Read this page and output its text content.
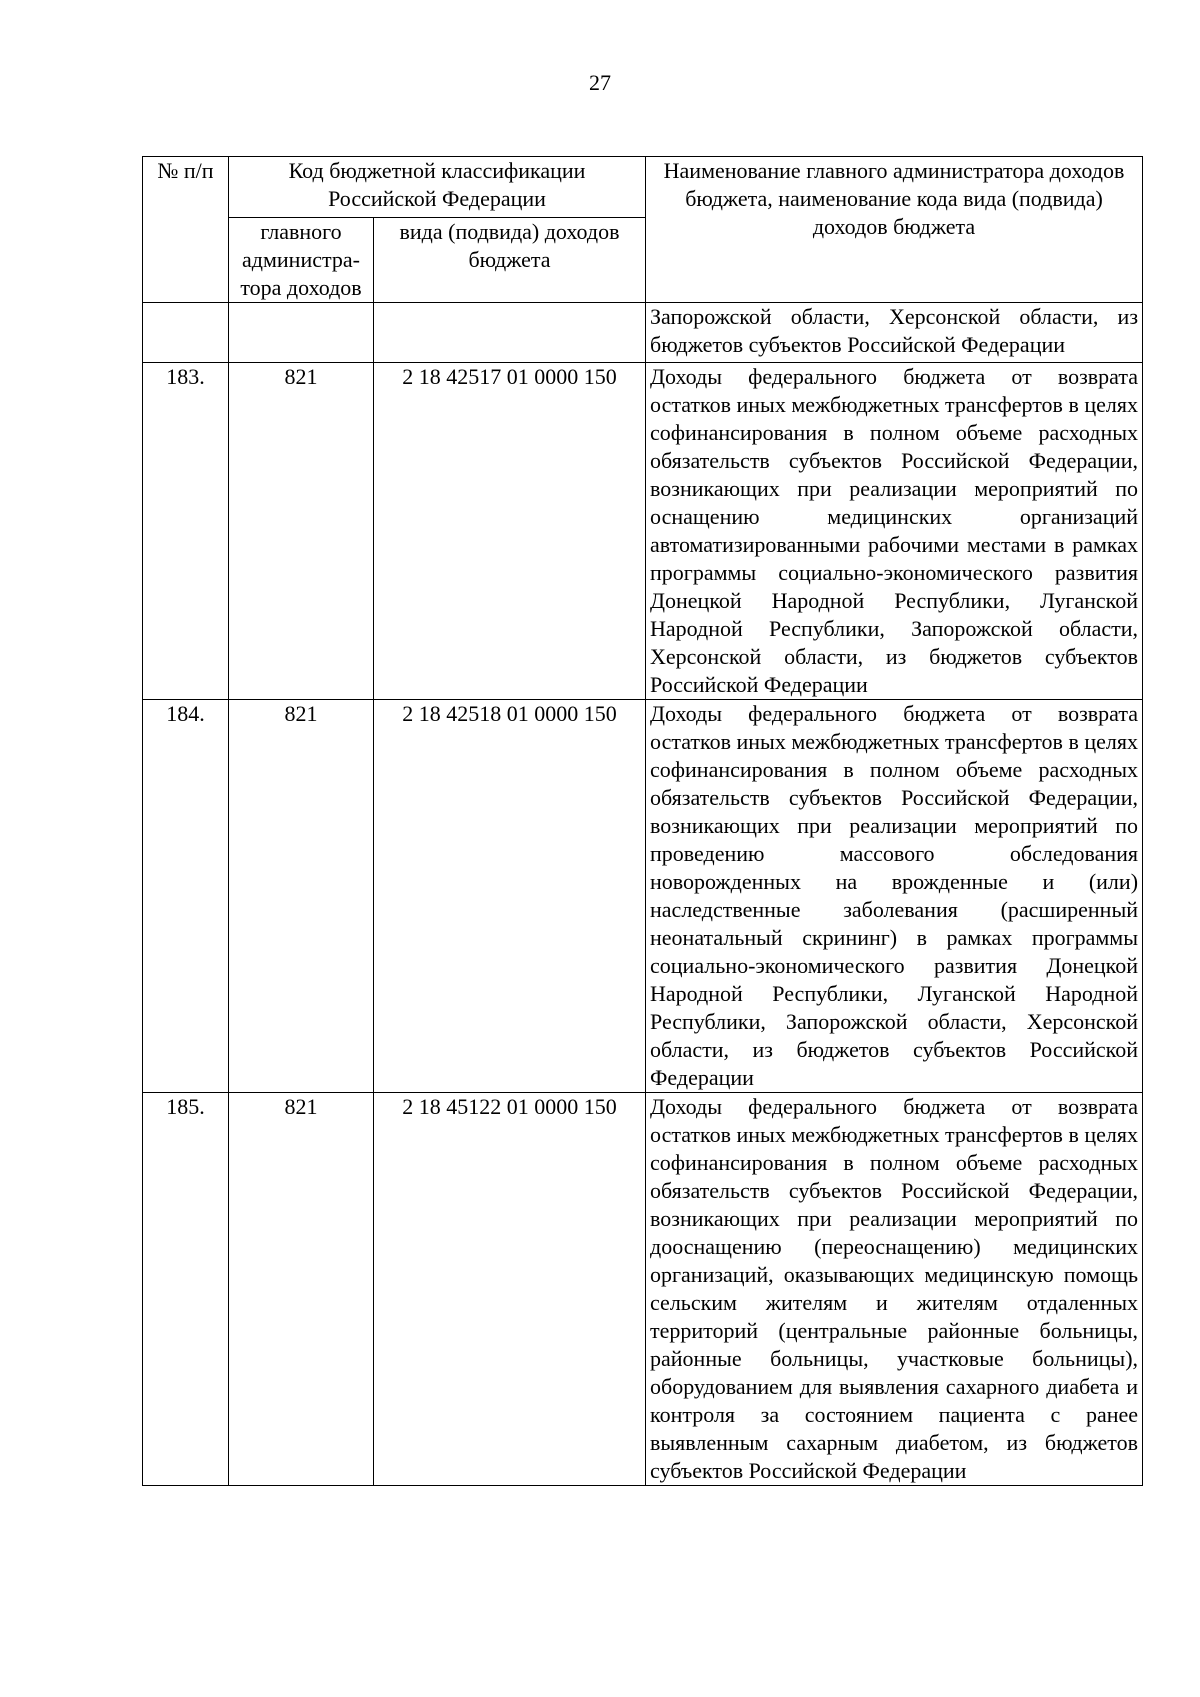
27
№ п/п	Код бюджетной классификации Российской Федерации		Наименование главного администратора доходов бюджета, наименование кода вида (подвида) доходов бюджета
	главного администра-тора доходов	вида (подвида) доходов бюджета	
			Запорожской области, Херсонской области, из бюджетов субъектов Российской Федерации
183.	821	2 18 42517 01 0000 150	Доходы федерального бюджета от возврата остатков иных межбюджетных трансфертов в целях софинансирования в полном объеме расходных обязательств субъектов Российской Федерации, возникающих при реализации мероприятий по оснащению медицинских организаций автоматизированными рабочими местами в рамках программы социально-экономического развития Донецкой Народной Республики, Луганской Народной Республики, Запорожской области, Херсонской области, из бюджетов субъектов Российской Федерации
184.	821	2 18 42518 01 0000 150	Доходы федерального бюджета от возврата остатков иных межбюджетных трансфертов в целях софинансирования в полном объеме расходных обязательств субъектов Российской Федерации, возникающих при реализации мероприятий по проведению массового обследования новорожденных на врожденные и (или) наследственные заболевания (расширенный неонатальный скрининг) в рамках программы социально-экономического развития Донецкой Народной Республики, Луганской Народной Республики, Запорожской области, Херсонской области, из бюджетов субъектов Российской Федерации
185.	821	2 18 45122 01 0000 150	Доходы федерального бюджета от возврата остатков иных межбюджетных трансфертов в целях софинансирования в полном объеме расходных обязательств субъектов Российской Федерации, возникающих при реализации мероприятий по дооснащению (переоснащению) медицинских организаций, оказывающих медицинскую помощь сельским жителям и жителям отдаленных территорий (центральные районные больницы, районные больницы, участковые больницы), оборудованием для выявления сахарного диабета и контроля за состоянием пациента с ранее выявленным сахарным диабетом, из бюджетов субъектов Российской Федерации
